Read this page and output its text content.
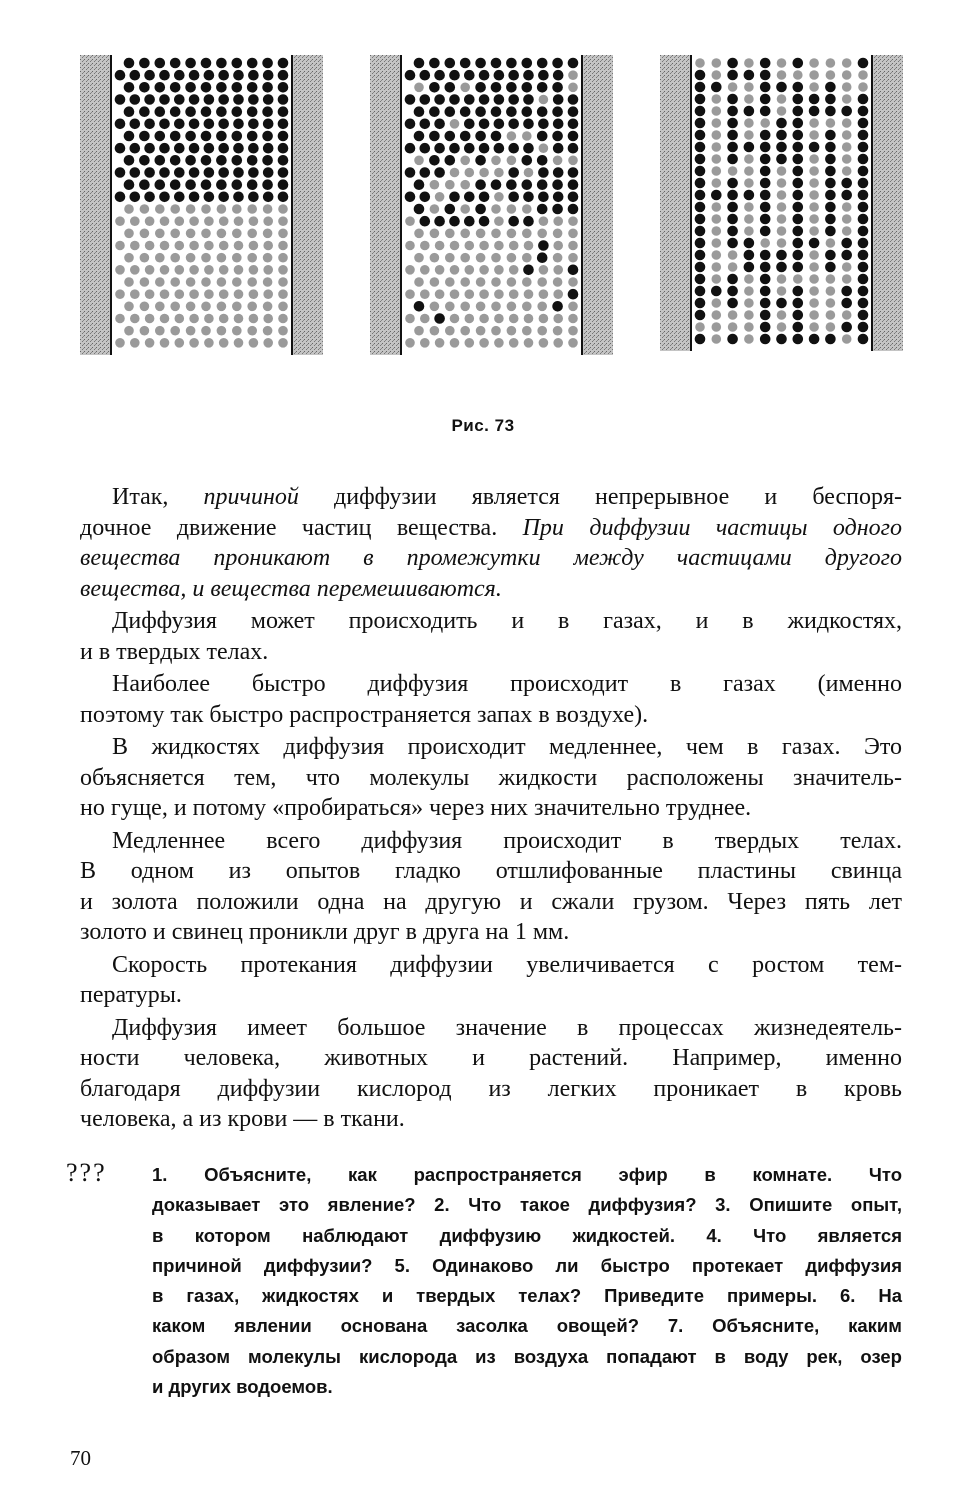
Рис. 73
Итак, причиной диффузии является непрерывное и беспоря-
дочное движение частиц вещества. При диффузии частицы одного
вещества проникают в промежутки между частицами другого
вещества, и вещества перемешиваются.
Диффузия может происходить и в газах, и в жидкостях,
и в твердых телах.
Наиболее быстро диффузия происходит в газах (именно
поэтому так быстро распространяется запах в воздухе).
В жидкостях диффузия происходит медленнее, чем в газах. Это
объясняется тем, что молекулы жидкости расположены значитель-
но гуще, и потому «пробираться» через них значительно труднее.
Медленнее всего диффузия происходит в твердых телах.
В одном из опытов гладко отшлифованные пластины свинца
и золота положили одна на другую и сжали грузом. Через пять лет
золото и свинец проникли друг в друга на 1 мм.
Скорость протекания диффузии увеличивается с ростом тем-
пературы.
Диффузия имеет большое значение в процессах жизнедеятель-
ности человека, животных и растений. Например, именно
благодаря диффузии кислород из легких проникает в кровь
человека, а из крови — в ткани.
??? 1. Объясните, как распространяется эфир в комнате. Что
доказывает это явление? 2. Что такое диффузия? 3. Опишите опыт,
в котором наблюдают диффузию жидкостей. 4. Что является
причиной диффузии? 5. Одинаково ли быстро протекает диффузия
в газах, жидкостях и твердых телах? Приведите примеры. 6. На
каком явлении основана засолка овощей? 7. Объясните, каким
образом молекулы кислорода из воздуха попадают в воду рек, озер
и других водоемов.
70
